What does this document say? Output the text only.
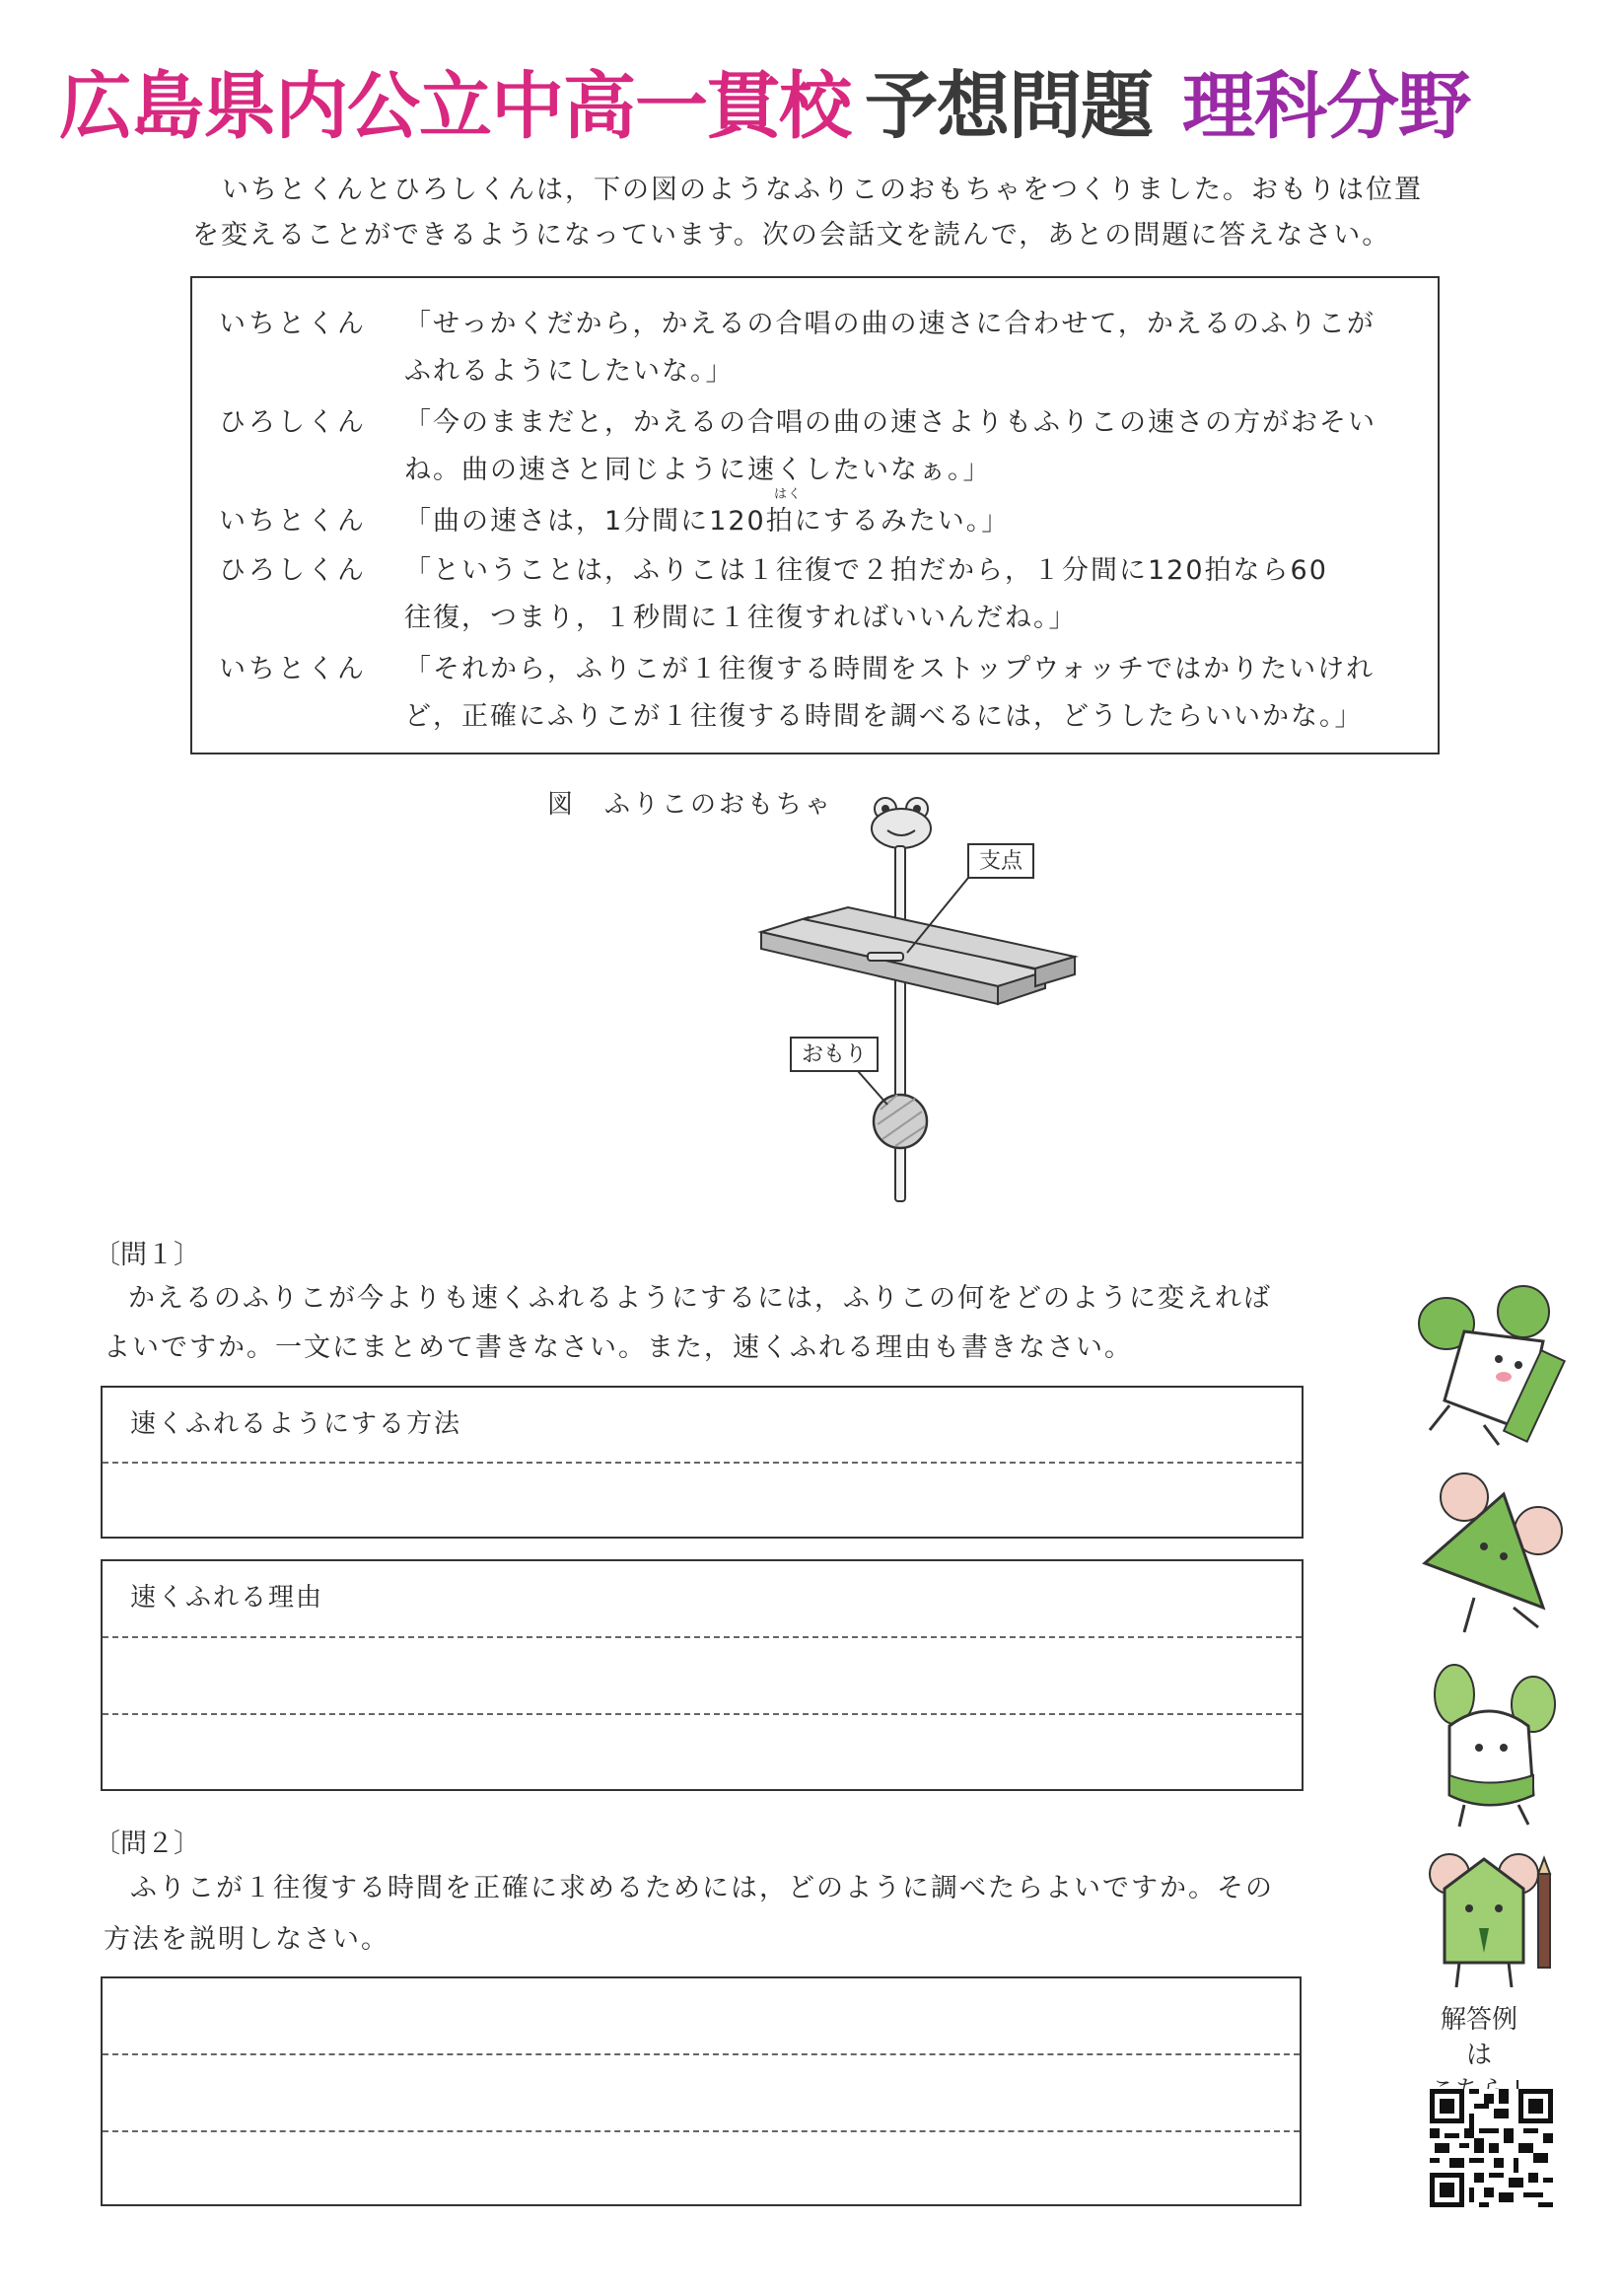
広島県内公立中高一貫校 予想問題 理科分野
いちとくんとひろしくんは，下の図のようなふりこのおもちゃをつくりました。おもりは位置
を変えることができるようになっています。次の会話文を読んで，あとの問題に答えなさい。
いちとくん 「せっかくだから，かえるの合唱の曲の速さに合わせて，かえるのふりこが
ふれるようにしたいな。」
ひろしくん 「今のままだと，かえるの合唱の曲の速さよりもふりこの速さの方がおそい
ね。曲の速さと同じように速くしたいなぁ。」
いちとくん 「曲の速さは，1分間に120拍にするみたい。」
はく
ひろしくん 「ということは，ふりこは１往復で２拍だから，１分間に120拍なら60
往復，つまり，１秒間に１往復すればいいんだね。」
いちとくん 「それから，ふりこが１往復する時間をストップウォッチではかりたいけれ
ど，正確にふりこが１往復する時間を調べるには，どうしたらいいかな。」
図　ふりこのおもちゃ
支点
おもり
〔問１〕
かえるのふりこが今よりも速くふれるようにするには，ふりこの何をどのように変えれば
よいですか。一文にまとめて書きなさい。また，速くふれる理由も書きなさい。
速くふれるようにする方法
速くふれる理由
〔問２〕
ふりこが１往復する時間を正確に求めるためには，どのように調べたらよいですか。その
方法を説明しなさい。
解答例は
